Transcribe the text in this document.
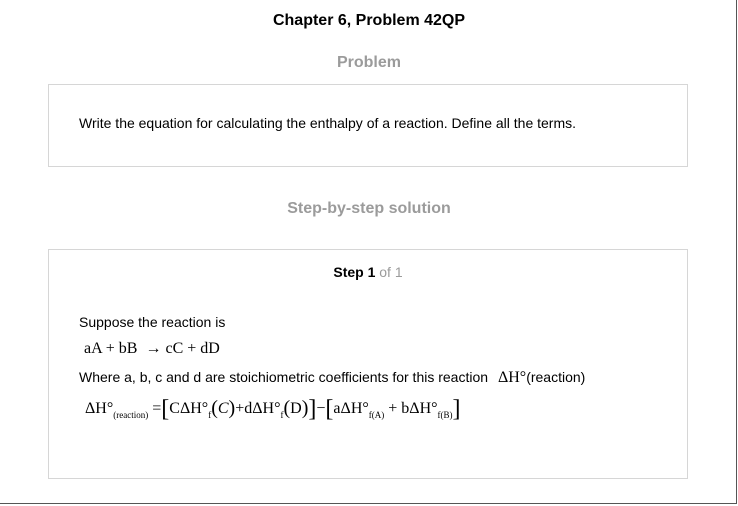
Chapter 6, Problem 42QP
Problem
Write the equation for calculating the enthalpy of a reaction. Define all the terms.
Step-by-step solution
Step 1 of 1
Suppose the reaction is
aA + bB  → cC + dD
Where a, b, c and d are stoichiometric coefficients for this reaction ΔH°(reaction)
$\Delta H^\circ_{(reaction)} =[C\Delta H^\circ_f(C)+d\Delta H^\circ_f(D)]-[a\Delta H^\circ_{f(A)} + b\Delta H^\circ_{f(B)}]$
